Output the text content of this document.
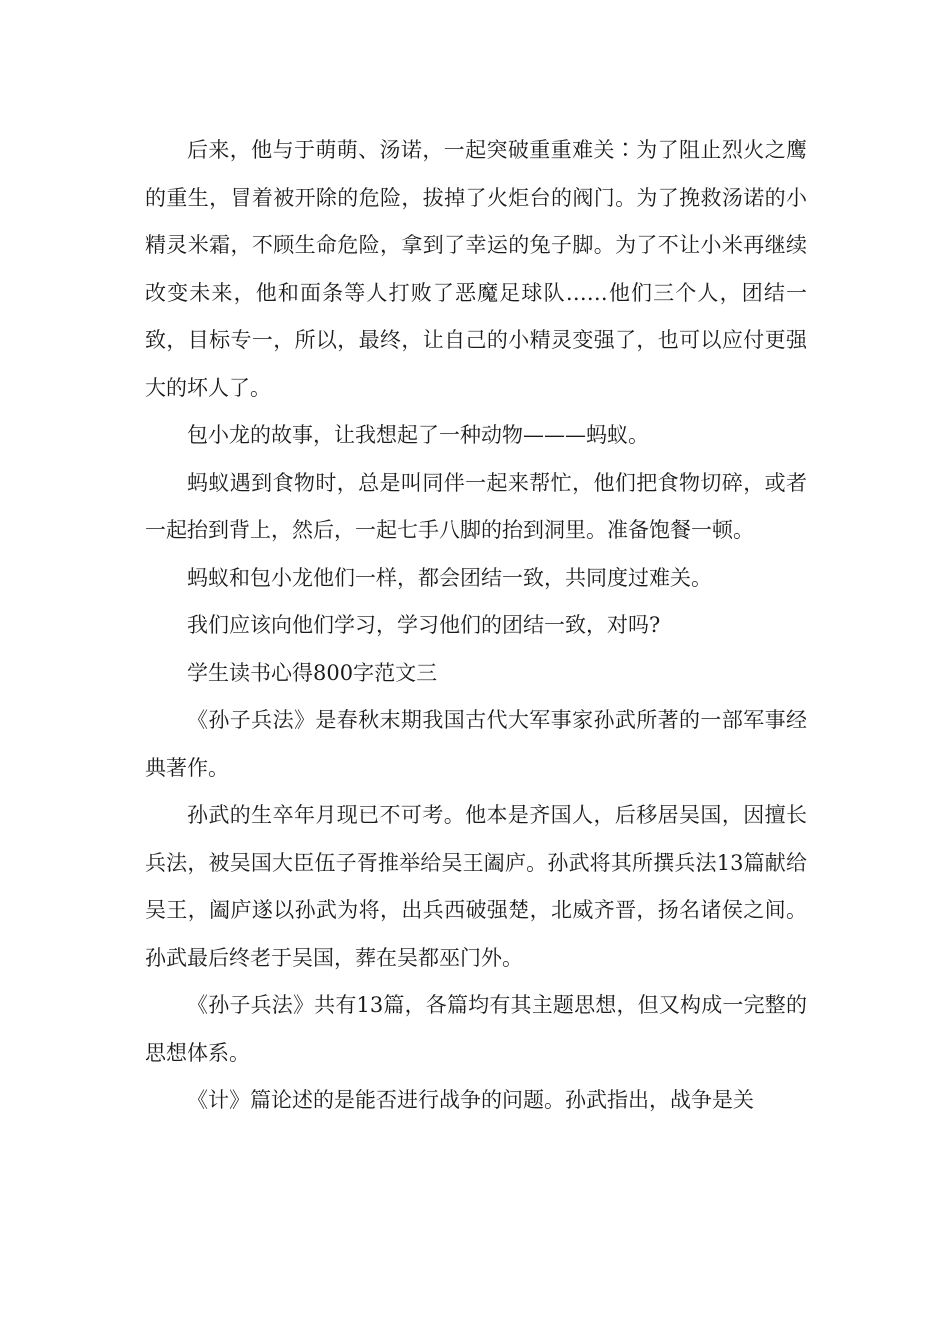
后来，他与于萌萌、汤诺，一起突破重重难关∶为了阻止烈火之鹰的重生，冒着被开除的危险，拔掉了火炬台的阀门。为了挽救汤诺的小精灵米霜，不顾生命危险，拿到了幸运的兔子脚。为了不让小米再继续改变未来，他和面条等人打败了恶魔足球队……他们三个人，团结一致，目标专一，所以，最终，让自己的小精灵变强了，也可以应付更强大的坏人了。

包小龙的故事，让我想起了一种动物———蚂蚁。

蚂蚁遇到食物时，总是叫同伴一起来帮忙，他们把食物切碎，或者一起抬到背上，然后，一起七手八脚的抬到洞里。准备饱餐一顿。

蚂蚁和包小龙他们一样，都会团结一致，共同度过难关。

我们应该向他们学习，学习他们的团结一致，对吗?

学生读书心得800字范文三

《孙子兵法》是春秋末期我国古代大军事家孙武所著的一部军事经典著作。

孙武的生卒年月现已不可考。他本是齐国人，后移居吴国，因擅长兵法，被吴国大臣伍子胥推举给吴王阖庐。孙武将其所撰兵法13篇献给吴王，阖庐遂以孙武为将，出兵西破强楚，北威齐晋，扬名诸侯之间。孙武最后终老于吴国，葬在吴都巫门外。

《孙子兵法》共有13篇，各篇均有其主题思想，但又构成一完整的思想体系。

《计》篇论述的是能否进行战争的问题。孙武指出，战争是关
